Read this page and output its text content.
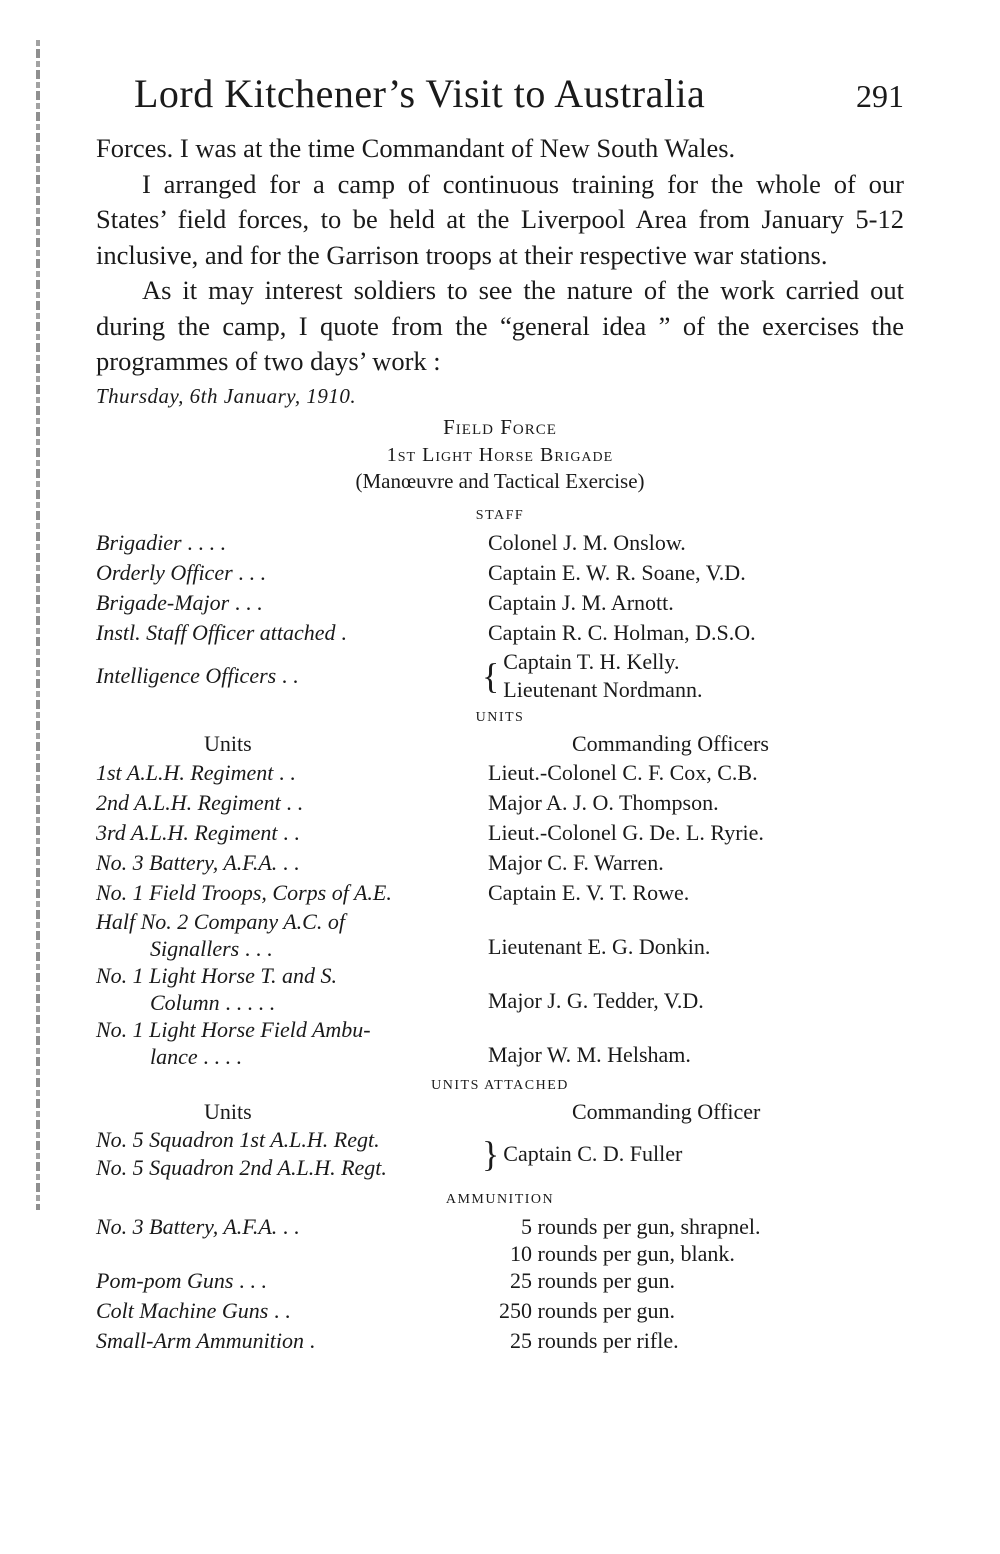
Lord Kitchener’s Visit to Australia	291

Forces. I was at the time Commandant of New South Wales.

I arranged for a camp of continuous training for the whole of our States’ field forces, to be held at the Liverpool Area from January 5-12 inclusive, and for the Garrison troops at their respective war stations.

As it may interest soldiers to see the nature of the work carried out during the camp, I quote from the “general idea ” of the exercises the programmes of two days’ work :

Thursday, 6th January, 1910.
Field Force
1st Light Horse Brigade
(Manœuvre and Tactical Exercise)
STAFF
Brigadier . . . .	Colonel J. M. Onslow.
Orderly Officer . . .	Captain E. W. R. Soane, V.D.
Brigade-Major . . .	Captain J. M. Arnott.
Instl. Staff Officer attached .	Captain R. C. Holman, D.S.O.
Intelligence Officers . .	{ Captain T. H. Kelly.
Lieutenant Nordmann.
UNITS
Units	Commanding Officers
1st A.L.H. Regiment . .	Lieut.-Colonel C. F. Cox, C.B.
2nd A.L.H. Regiment . .	Major A. J. O. Thompson.
3rd A.L.H. Regiment . .	Lieut.-Colonel G. De. L. Ryrie.
No. 3 Battery, A.F.A. . .	Major C. F. Warren.
No. 1 Field Troops, Corps of A.E.	Captain E. V. T. Rowe.
Half No. 2 Company A.C. of
Signallers . . .	Lieutenant E. G. Donkin.
No. 1 Light Horse T. and S.
Column . . . . .	Major J. G. Tedder, V.D.
No. 1 Light Horse Field Ambu-
lance . . . .	Major W. M. Helsham.
UNITS ATTACHED
Units	Commanding Officer
No. 5 Squadron 1st A.L.H. Regt.
No. 5 Squadron 2nd A.L.H. Regt.	} Captain C. D. Fuller
AMMUNITION
No. 3 Battery, A.F.A. . .	5 rounds per gun, shrapnel.
10 rounds per gun, blank.
Pom-pom Guns . . .	25 rounds per gun.
Colt Machine Guns . .	250 rounds per gun.
Small-Arm Ammunition .	25 rounds per rifle.
